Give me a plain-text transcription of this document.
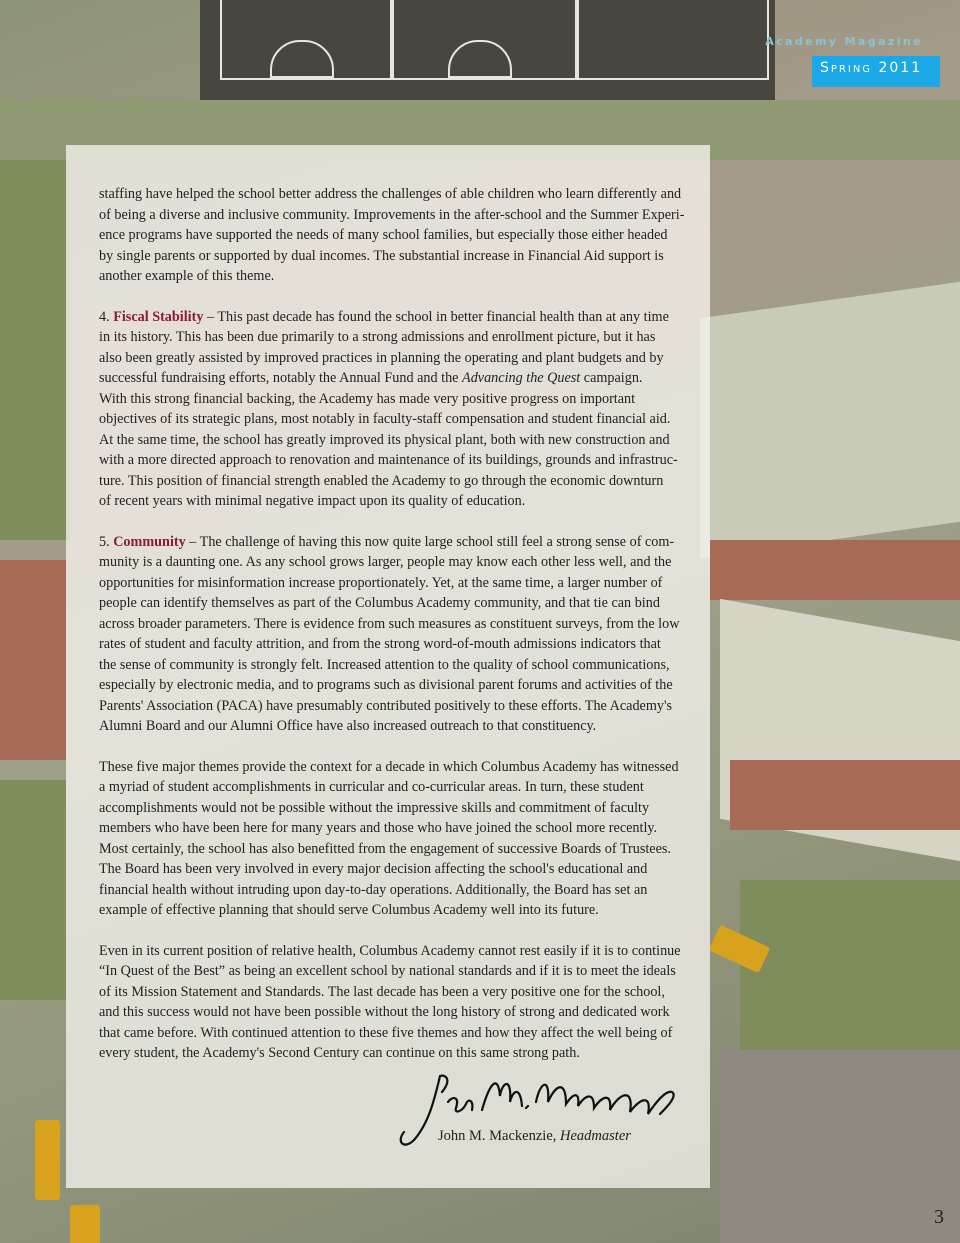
Academy Magazine
Spring 2011

staffing have helped the school better address the challenges of able children who learn differently and
of being a diverse and inclusive community. Improvements in the after-school and the Summer Experi-
ence programs have supported the needs of many school families, but especially those either headed
by single parents or supported by dual incomes. The substantial increase in Financial Aid support is
another example of this theme.

4. Fiscal Stability – This past decade has found the school in better financial health than at any time
in its history. This has been due primarily to a strong admissions and enrollment picture, but it has
also been greatly assisted by improved practices in planning the operating and plant budgets and by
successful fundraising efforts, notably the Annual Fund and the Advancing the Quest campaign.
With this strong financial backing, the Academy has made very positive progress on important
objectives of its strategic plans, most notably in faculty-staff compensation and student financial aid.
At the same time, the school has greatly improved its physical plant, both with new construction and
with a more directed approach to renovation and maintenance of its buildings, grounds and infrastruc-
ture. This position of financial strength enabled the Academy to go through the economic downturn
of recent years with minimal negative impact upon its quality of education.

5. Community – The challenge of having this now quite large school still feel a strong sense of com-
munity is a daunting one. As any school grows larger, people may know each other less well, and the
opportunities for misinformation increase proportionately. Yet, at the same time, a larger number of
people can identify themselves as part of the Columbus Academy community, and that tie can bind
across broader parameters. There is evidence from such measures as constituent surveys, from the low
rates of student and faculty attrition, and from the strong word-of-mouth admissions indicators that
the sense of community is strongly felt. Increased attention to the quality of school communications,
especially by electronic media, and to programs such as divisional parent forums and activities of the
Parents' Association (PACA) have presumably contributed positively to these efforts. The Academy's
Alumni Board and our Alumni Office have also increased outreach to that constituency.

These five major themes provide the context for a decade in which Columbus Academy has witnessed
a myriad of student accomplishments in curricular and co-curricular areas. In turn, these student
accomplishments would not be possible without the impressive skills and commitment of faculty
members who have been here for many years and those who have joined the school more recently.
Most certainly, the school has also benefitted from the engagement of successive Boards of Trustees.
The Board has been very involved in every major decision affecting the school's educational and
financial health without intruding upon day-to-day operations. Additionally, the Board has set an
example of effective planning that should serve Columbus Academy well into its future.

Even in its current position of relative health, Columbus Academy cannot rest easily if it is to continue
“In Quest of the Best” as being an excellent school by national standards and if it is to meet the ideals
of its Mission Statement and Standards. The last decade has been a very positive one for the school,
and this success would not have been possible without the long history of strong and dedicated work
that came before. With continued attention to these five themes and how they affect the well being of
every student, the Academy's Second Century can continue on this same strong path.

John M. Mackenzie, Headmaster
3
